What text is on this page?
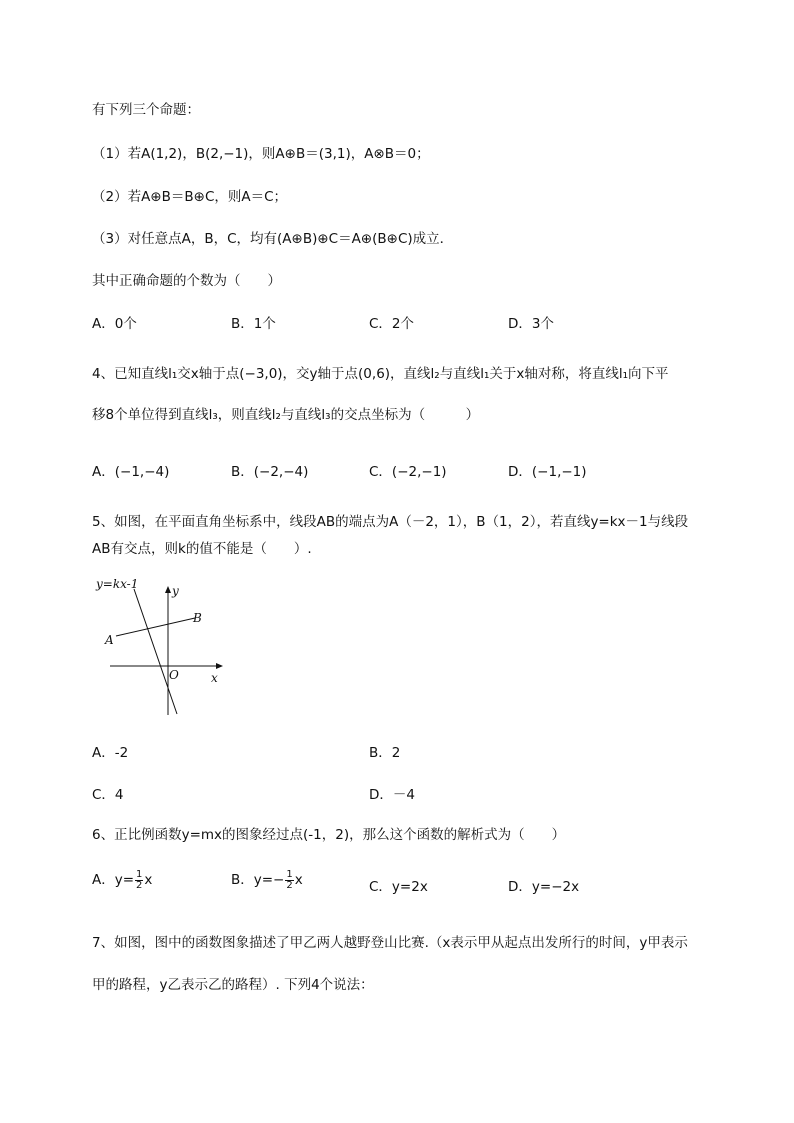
有下列三个命题：
（1）若A(1,2)，B(2,−1)，则A⊕B＝(3,1)，A⊗B＝0；
（2）若A⊕B＝B⊕C，则A＝C；
（3）对任意点A，B，C，均有(A⊕B)⊕C＝A⊕(B⊕C)成立．
其中正确命题的个数为（　　）
A．0个	B．1个	C．2个	D．3个
4、已知直线l₁交x轴于点(−3,0)，交y轴于点(0,6)，直线l₂与直线l₁关于x轴对称，将直线l₁向下平
移8个单位得到直线l₃，则直线l₂与直线l₃的交点坐标为（　　　）
A．(−1,−4)	B．(−2,−4)	C．(−2,−1)	D．(−1,−1)
5、如图，在平面直角坐标系中，线段AB的端点为A（－2，1），B（1，2），若直线y=kx－1与线段
AB有交点，则k的值不能是（　　）.
y=kx-1	y
x
O
A
B
A．-2	B．2
C．4	D．－4
6、正比例函数y=mx的图象经过点(-1，2)，那么这个函数的解析式为（　　）
A．$y= \frac{1}{2}$ x	B．$y=- \frac{1}{2}$ x	C．y=2x	D．y=−2x
7、如图，图中的函数图象描述了甲乙两人越野登山比赛.（x表示甲从起点出发所行的时间，y甲表示
甲的路程，y乙表示乙的路程）. 下列4个说法：
